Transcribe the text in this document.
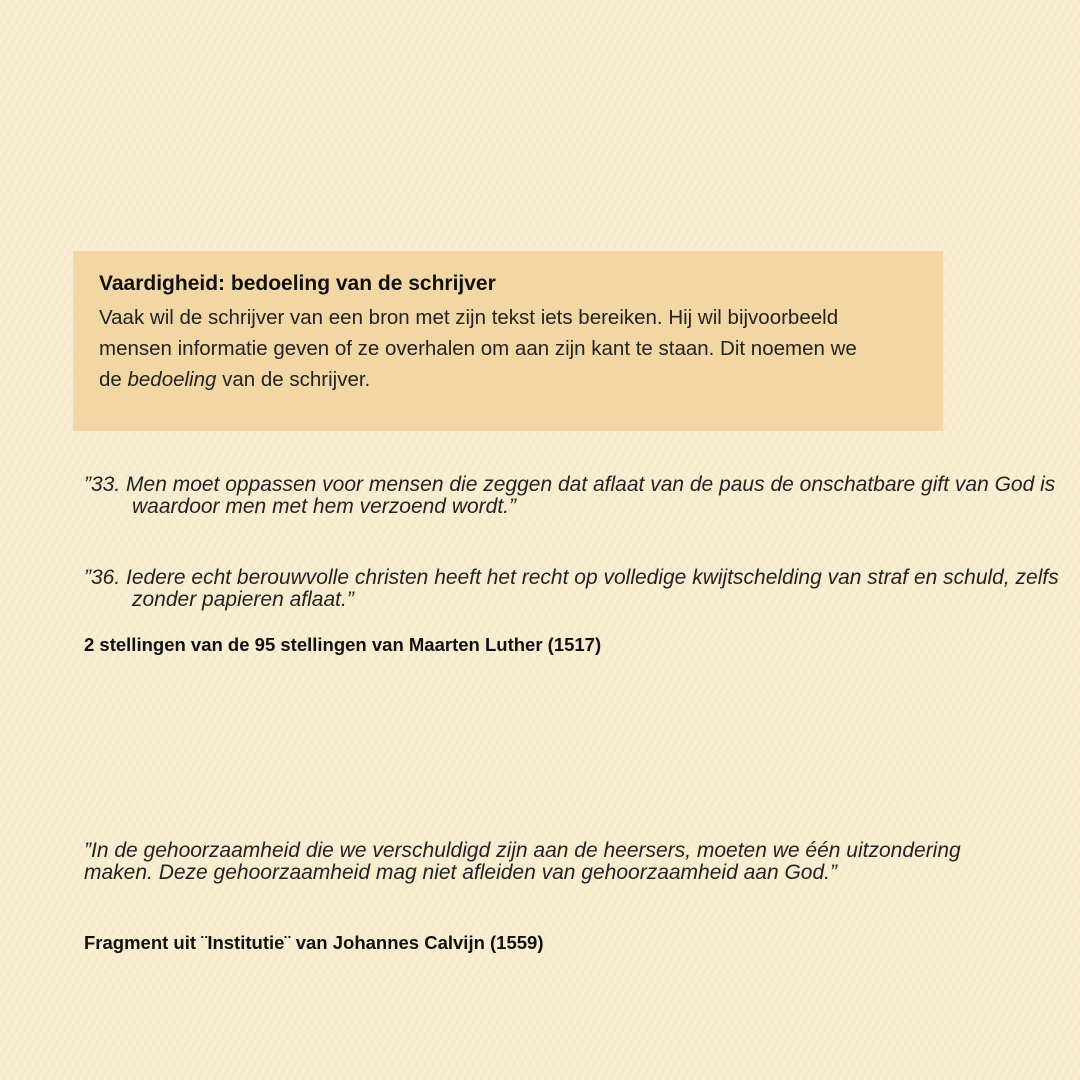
Vaardigheid: bedoeling van de schrijver

Vaak wil de schrijver van een bron met zijn tekst iets bereiken. Hij wil bijvoorbeeld mensen informatie geven of ze overhalen om aan zijn kant te staan. Dit noemen we de bedoeling van de schrijver.

”33. Men moet oppassen voor mensen die zeggen dat aflaat van de paus de onschatbare gift van God is waardoor men met hem verzoend wordt.”

”36. Iedere echt berouwvolle christen heeft het recht op volledige kwijtschelding van straf en schuld, zelfs zonder papieren aflaat.”

2 stellingen van de 95 stellingen van Maarten Luther (1517)

”In de gehoorzaamheid die we verschuldigd zijn aan de heersers, moeten we één uitzondering maken. Deze gehoorzaamheid mag niet afleiden van gehoorzaamheid aan God.”

Fragment uit ¨Institutie¨ van Johannes Calvijn (1559)
